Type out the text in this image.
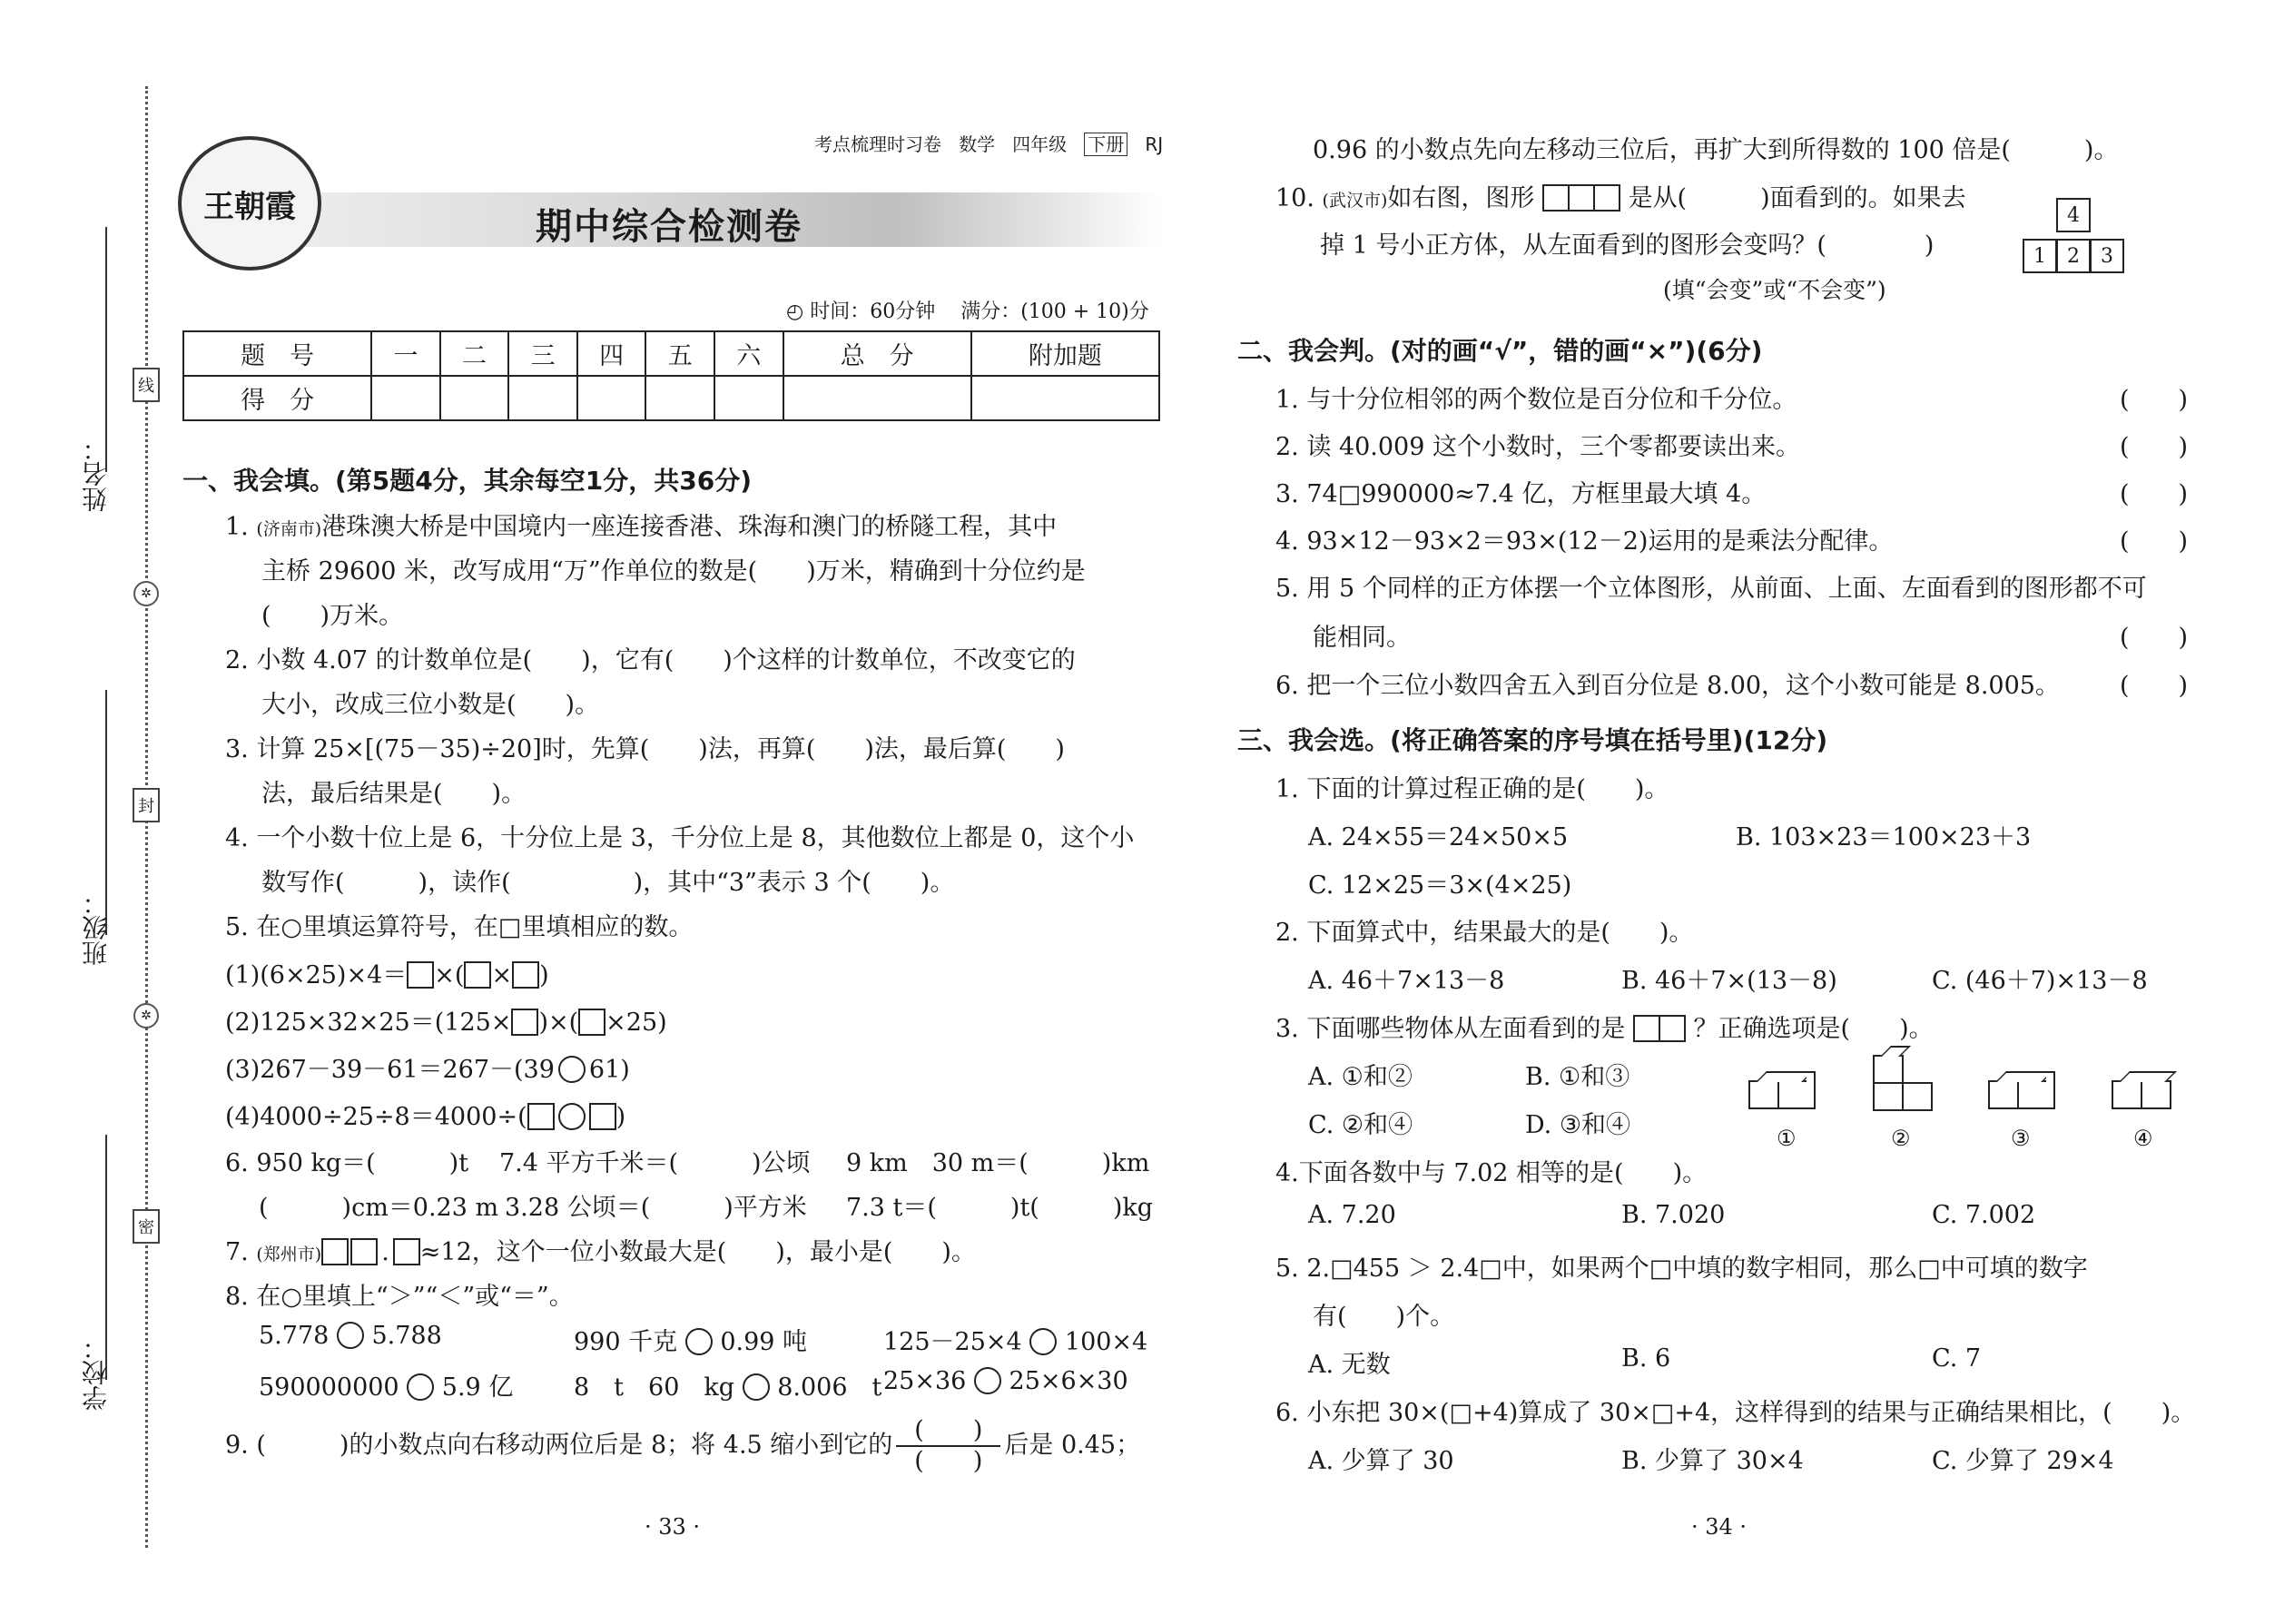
姓名：
班级：
学校：
线
✲
封
✲
密
考点梳理时习卷 数学 四年级 下册 RJ
王朝霞	期中综合检测卷
◴ 时间：60分钟 满分：(100 + 10)分
题　号	一	二	三	四	五	六	总　分	附加题
得　分								
一、我会填。(第5题4分，其余每空1分，共36分)
1. (济南市)港珠澳大桥是中国境内一座连接香港、珠海和澳门的桥隧工程，其中
主桥 29600 米，改写成用“万”作单位的数是(　　)万米，精确到十分位约是
(　　)万米。
2. 小数 4.07 的计数单位是(　　)，它有(　　)个这样的计数单位，不改变它的
大小，改成三位小数是(　　)。
3. 计算 25×[(75－35)÷20]时，先算(　　)法，再算(　　)法，最后算(　　)
法，最后结果是(　　)。
4. 一个小数十位上是 6，十分位上是 3，千分位上是 8，其他数位上都是 0，这个小
数写作(　　　)，读作(　　　　　)，其中“3”表示 3 个(　　)。
5. 在○里填运算符号，在□里填相应的数。
(1)(6×25)×4＝ ×( × )
(2)125×32×25＝(125× )×( ×25)
(3)267－39－61＝267－(39 61)
(4)4000÷25÷8＝4000÷(	)
6. 950 kg＝(　　　)t 7.4 平方千米＝(　　　)公顷 9 km　30 m＝(　　　)km
(　　　)cm＝0.23 m 3.28 公顷＝(　　　)平方米 7.3 t＝(　　　)t(　　　)kg
7. (郑州市) . ≈12，这个一位小数最大是(　　)，最小是(　　)。
8. 在○里填上“＞”“＜”或“＝”。
5.778 5.788	990 千克 0.99 吨	125－25×4 100×4
590000000 5.9 亿 8　t　60　kg 8.006　t 25×36 25×6×30
9. (　　　)的小数点向右移动两位后是 8；将 4.5 缩小到它的 $\frac{( )}{( )}$ 后是 0.45；
0.96 的小数点先向左移动三位后，再扩大到所得数的 100 倍是(　　　)。
10. (武汉市)如右图，图形	是从(　　　)面看到的。如果去
掉 1 号小正方体，从左面看到的图形会变吗？(　　　　)
(填“会变”或“不会变”)
4
1	2	3
二、我会判。(对的画“√”，错的画“×”)(6分)
1. 与十分位相邻的两个数位是百分位和千分位。	(　　)
2. 读 40.009 这个小数时，三个零都要读出来。	(　　)
3. 74□990000≈7.4 亿，方框里最大填 4。	(　　)
4. 93×12－93×2＝93×(12－2)运用的是乘法分配律。	(　　)
5. 用 5 个同样的正方体摆一个立体图形，从前面、上面、左面看到的图形都不可
能相同。	(　　)
6. 把一个三位小数四舍五入到百分位是 8.00，这个小数可能是 8.005。 (　　)
三、我会选。(将正确答案的序号填在括号里)(12分)
1. 下面的计算过程正确的是(　　)。
A. 24×55＝24×50×5	B. 103×23＝100×23＋3
C. 12×25＝3×(4×25)
2. 下面算式中，结果最大的是(　　)。
A. 46＋7×13－8	B. 46＋7×(13－8)	C. (46＋7)×13－8
3. 下面哪些物体从左面看到的是	？正确选项是(　　)。
A. ①和②	B. ①和③
C. ②和④	D. ③和④	①	②	③	④
4.下面各数中与 7.02 相等的是(　　)。
A. 7.20	B. 7.020	C. 7.002
5. 2.□455 ＞ 2.4□中，如果两个□中填的数字相同，那么□中可填的数字
有(　　)个。
A. 无数	B. 6	C. 7
6. 小东把 30×(□+4)算成了 30×□+4，这样得到的结果与正确结果相比，(　　)。
A. 少算了 30	B. 少算了 30×4	C. 少算了 29×4
· 33 ·	· 34 ·
